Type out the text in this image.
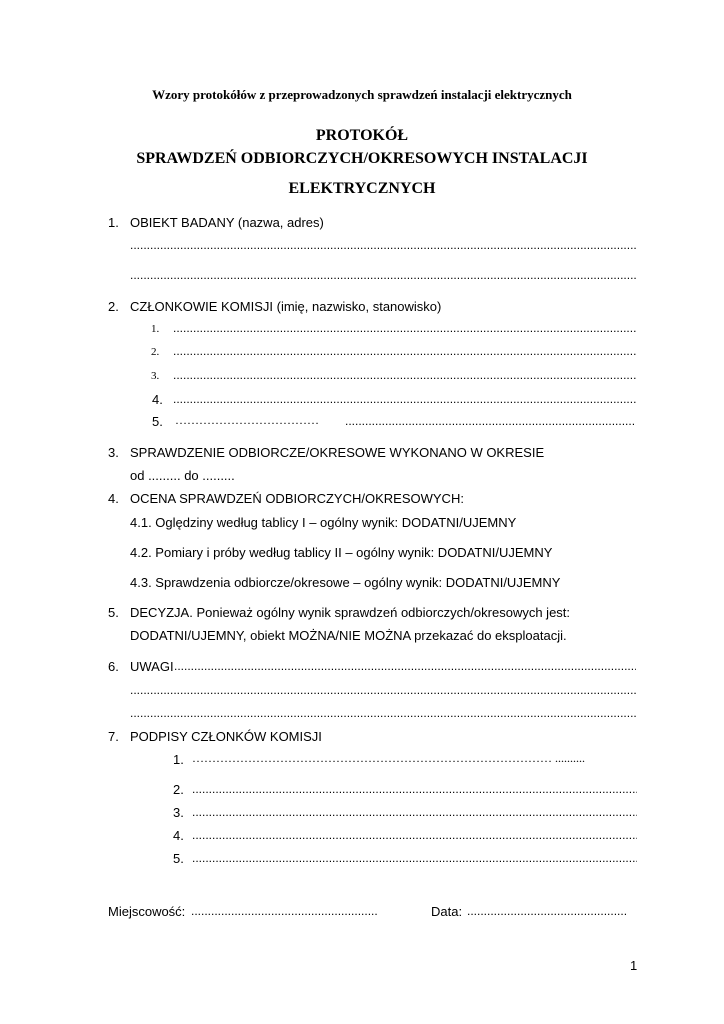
Wzory protokółów z przeprowadzonych sprawdzeń instalacji elektrycznych
PROTOKÓŁ
SPRAWDZEŃ ODBIORCZYCH/OKRESOWYCH INSTALACJI
ELEKTRYCZNYCH
1. OBIEKT BADANY (nazwa, adres)
.....
.....
2. CZŁONKOWIE KOMISJI (imię, nazwisko, stanowisko)
1.
.....
2.
.....
3.
.....
4.
.....
5. ………………………………
.....
3. SPRAWDZENIE ODBIORCZE/OKRESOWE WYKONANO W OKRESIE
od ......... do .........
4. OCENA SPRAWDZEŃ ODBIORCZYCH/OKRESOWYCH:
4.1. Oględziny według tablicy I – ogólny wynik: DODATNI/UJEMNY
4.2. Pomiary i próby według tablicy II – ogólny wynik: DODATNI/UJEMNY
4.3. Sprawdzenia odbiorcze/okresowe – ogólny wynik: DODATNI/UJEMNY
5. DECYZJA. Ponieważ ogólny wynik sprawdzeń odbiorczych/okresowych jest:
DODATNI/UJEMNY, obiekt MOŻNA/NIE MOŻNA przekazać do eksploatacji.
6. UWAGI
.....
.....
.....
7. PODPISY CZŁONKÓW KOMISJI
1. ……………………………………………………………………………… ..........
2.
.....
3.
.....
4.
.....
5.
.....
Miejscowość: .....	Data:
.....
1
